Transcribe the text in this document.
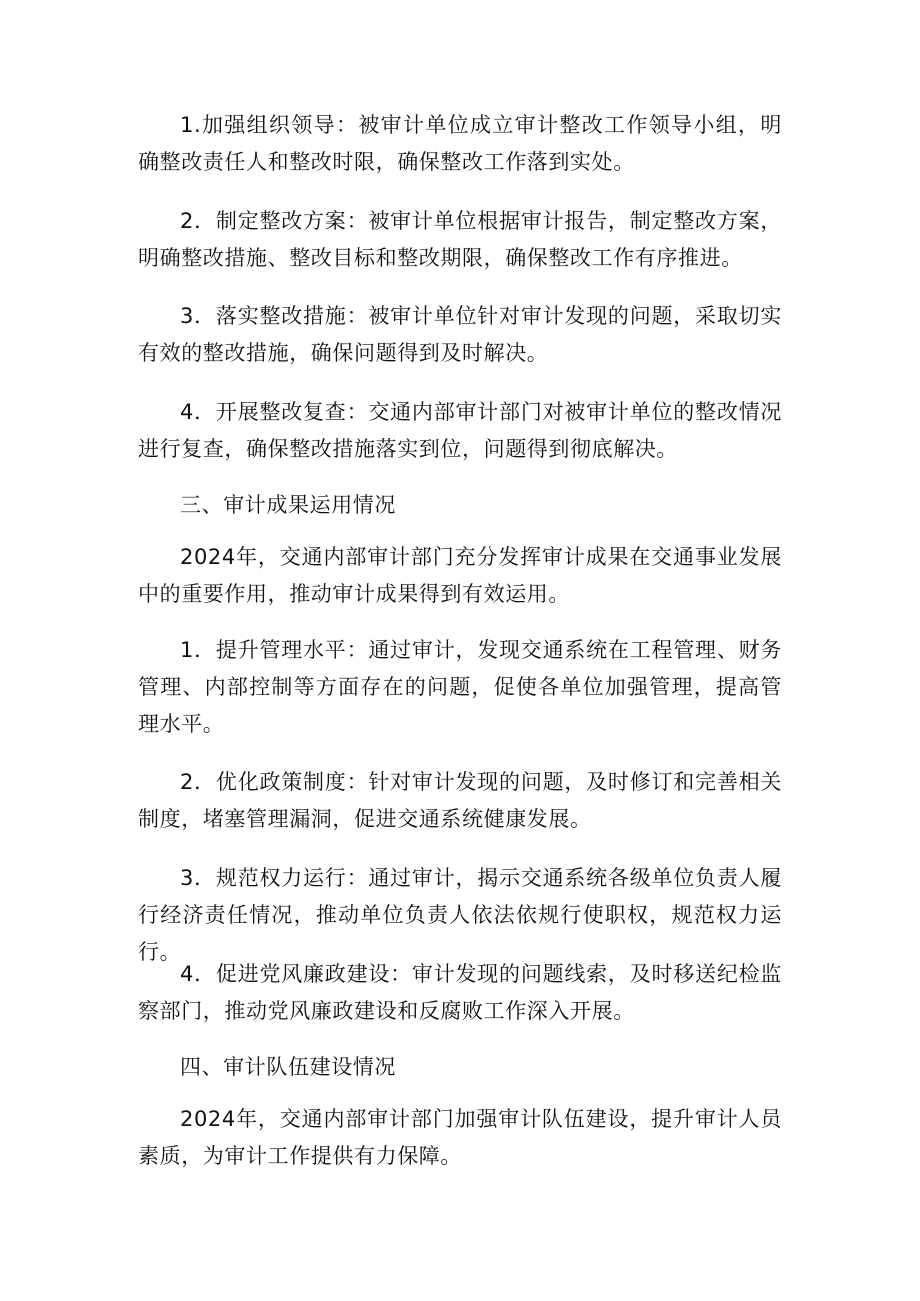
1.加强组织领导：被审计单位成立审计整改工作领导小组，明确整改责任人和整改时限，确保整改工作落到实处。

2．制定整改方案：被审计单位根据审计报告，制定整改方案，明确整改措施、整改目标和整改期限，确保整改工作有序推进。

3．落实整改措施：被审计单位针对审计发现的问题，采取切实有效的整改措施，确保问题得到及时解决。

4．开展整改复查：交通内部审计部门对被审计单位的整改情况进行复查，确保整改措施落实到位，问题得到彻底解决。

三、审计成果运用情况

2024年，交通内部审计部门充分发挥审计成果在交通事业发展中的重要作用，推动审计成果得到有效运用。

1．提升管理水平：通过审计，发现交通系统在工程管理、财务管理、内部控制等方面存在的问题，促使各单位加强管理，提高管理水平。

2．优化政策制度：针对审计发现的问题，及时修订和完善相关制度，堵塞管理漏洞，促进交通系统健康发展。

3．规范权力运行：通过审计，揭示交通系统各级单位负责人履行经济责任情况，推动单位负责人依法依规行使职权，规范权力运行。

4．促进党风廉政建设：审计发现的问题线索，及时移送纪检监察部门，推动党风廉政建设和反腐败工作深入开展。

四、审计队伍建设情况

2024年，交通内部审计部门加强审计队伍建设，提升审计人员素质，为审计工作提供有力保障。
